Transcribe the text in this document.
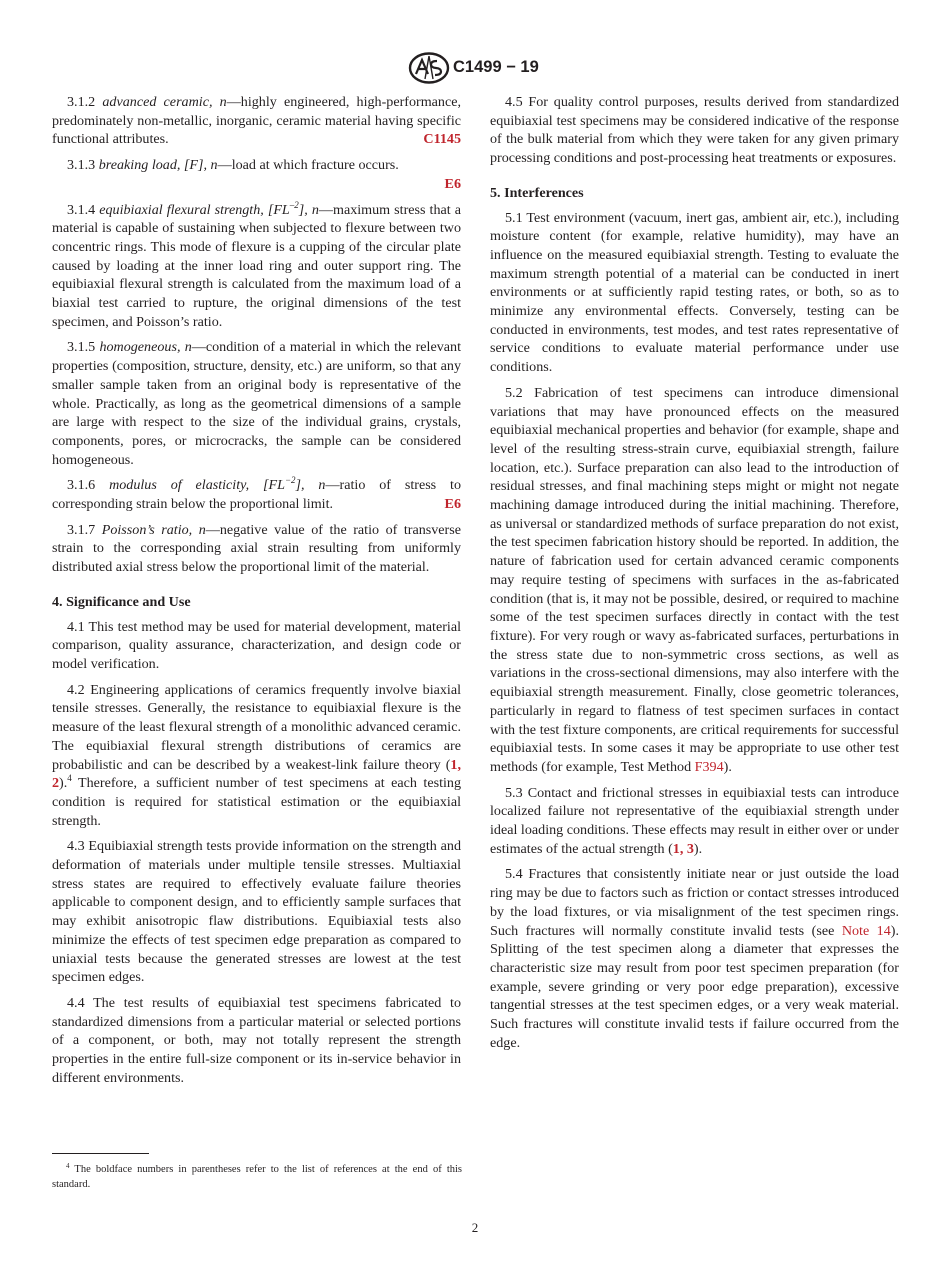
C1499 − 19

3.1.2 advanced ceramic, n—highly engineered, high-performance, predominately non-metallic, inorganic, ceramic material having specific functional attributes.	C1145

3.1.3 breaking load, [F], n—load at which fracture occurs.
E6

3.1.4 equibiaxial flexural strength, $[FL^{-2}]$, n—maximum stress that a material is capable of sustaining when subjected to flexure between two concentric rings. This mode of flexure is a cupping of the circular plate caused by loading at the inner load ring and outer support ring. The equibiaxial flexural strength is calculated from the maximum load of a biaxial test carried to rupture, the original dimensions of the test specimen, and Poisson’s ratio.

3.1.5 homogeneous, n—condition of a material in which the relevant properties (composition, structure, density, etc.) are uniform, so that any smaller sample taken from an original body is representative of the whole. Practically, as long as the geometrical dimensions of a sample are large with respect to the size of the individual grains, crystals, components, pores, or microcracks, the sample can be considered homogeneous.

3.1.6 modulus of elasticity, $[FL^{-2}]$, n—ratio of stress to corresponding strain below the proportional limit.	E6

3.1.7 Poisson’s ratio, n—negative value of the ratio of transverse strain to the corresponding axial strain resulting from uniformly distributed axial stress below the proportional limit of the material.

4. Significance and Use

4.1 This test method may be used for material development, material comparison, quality assurance, characterization, and design code or model verification.

4.2 Engineering applications of ceramics frequently involve biaxial tensile stresses. Generally, the resistance to equibiaxial flexure is the measure of the least flexural strength of a monolithic advanced ceramic. The equibiaxial flexural strength distributions of ceramics are probabilistic and can be described by a weakest-link failure theory (1, 2).$^4$ Therefore, a sufficient number of test specimens at each testing condition is required for statistical estimation or the equibiaxial strength.

4.3 Equibiaxial strength tests provide information on the strength and deformation of materials under multiple tensile stresses. Multiaxial stress states are required to effectively evaluate failure theories applicable to component design, and to efficiently sample surfaces that may exhibit anisotropic flaw distributions. Equibiaxial tests also minimize the effects of test specimen edge preparation as compared to uniaxial tests because the generated stresses are lowest at the test specimen edges.

4.4 The test results of equibiaxial test specimens fabricated to standardized dimensions from a particular material or selected portions of a component, or both, may not totally represent the strength properties in the entire full-size component or its in-service behavior in different environments.

4.5 For quality control purposes, results derived from standardized equibiaxial test specimens may be considered indicative of the response of the bulk material from which they were taken for any given primary processing conditions and post-processing heat treatments or exposures.

5. Interferences

5.1 Test environment (vacuum, inert gas, ambient air, etc.), including moisture content (for example, relative humidity), may have an influence on the measured equibiaxial strength. Testing to evaluate the maximum strength potential of a material can be conducted in inert environments or at sufficiently rapid testing rates, or both, so as to minimize any environmental effects. Conversely, testing can be conducted in environments, test modes, and test rates representative of service conditions to evaluate material performance under use conditions.

5.2 Fabrication of test specimens can introduce dimensional variations that may have pronounced effects on the measured equibiaxial mechanical properties and behavior (for example, shape and level of the resulting stress-strain curve, equibiaxial strength, failure location, etc.). Surface preparation can also lead to the introduction of residual stresses, and final machining steps might or might not negate machining damage introduced during the initial machining. Therefore, as universal or standardized methods of surface preparation do not exist, the test specimen fabrication history should be reported. In addition, the nature of fabrication used for certain advanced ceramic components may require testing of specimens with surfaces in the as-fabricated condition (that is, it may not be possible, desired, or required to machine some of the test specimen surfaces directly in contact with the test fixture). For very rough or wavy as-fabricated surfaces, perturbations in the stress state due to non-symmetric cross sections, as well as variations in the cross-sectional dimensions, may also interfere with the equibiaxial strength measurement. Finally, close geometric tolerances, particularly in regard to flatness of test specimen surfaces in contact with the test fixture components, are critical requirements for successful equibiaxial tests. In some cases it may be appropriate to use other test methods (for example, Test Method F394).

5.3 Contact and frictional stresses in equibiaxial tests can introduce localized failure not representative of the equibiaxial strength under ideal loading conditions. These effects may result in either over or under estimates of the actual strength (1, 3).

5.4 Fractures that consistently initiate near or just outside the load ring may be due to factors such as friction or contact stresses introduced by the load fixtures, or via misalignment of the test specimen rings. Such fractures will normally constitute invalid tests (see Note 14). Splitting of the test specimen along a diameter that expresses the characteristic size may result from poor test specimen preparation (for example, severe grinding or very poor edge preparation), excessive tangential stresses at the test specimen edges, or a very weak material. Such fractures will constitute invalid tests if failure occurred from the edge.

$^4$ The boldface numbers in parentheses refer to the list of references at the end of this standard.
2
